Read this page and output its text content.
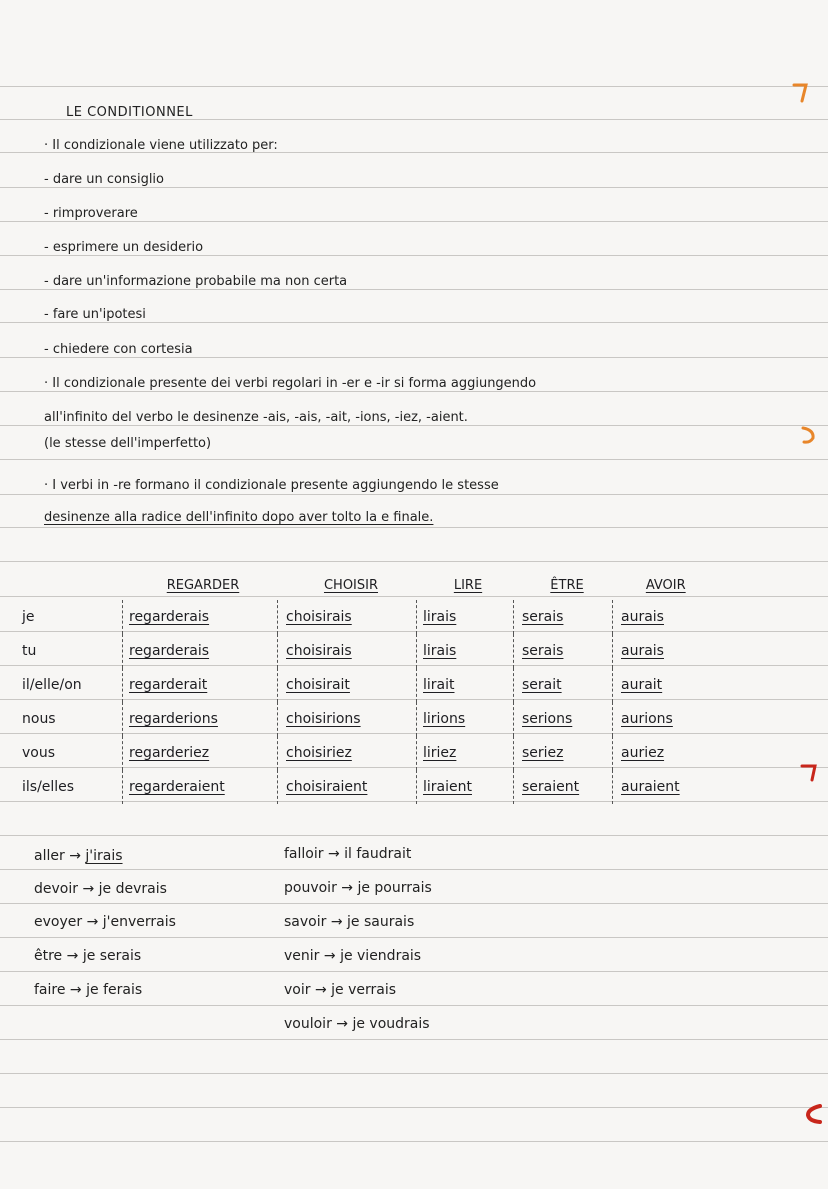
LE CONDITIONNEL
· Il condizionale viene utilizzato per:
- dare un consiglio
- rimproverare
- esprimere un desiderio
- dare un'informazione probabile ma non certa
- fare un'ipotesi
- chiedere con cortesia
· Il condizionale presente dei verbi regolari in -er e -ir si forma aggiungendo
all'infinito del verbo le desinenze -ais, -ais, -ait, -ions, -iez, -aient.
(le stesse dell'imperfetto)
· I verbi in -re formano il condizionale presente aggiungendo le stesse
desinenze alla radice dell'infinito dopo aver tolto la e finale.
	REGARDER	CHOISIR	LIRE	ÊTRE	AVOIR
je	regarderais	choisirais	lirais	serais	aurais
tu	regarderais	choisirais	lirais	serais	aurais
il/elle/on	regarderait	choisirait	lirait	serait	aurait
nous	regarderions	choisirions	lirions	serions	aurions
vous	regarderiez	choisiriez	liriez	seriez	auriez
ils/elles	regarderaient	choisiraient	liraient	seraient	auraient
aller → j'irais
devoir → je devrais
evoyer → j'enverrais
être → je serais
faire → je ferais
falloir → il faudrait
pouvoir → je pourrais
savoir → je saurais
venir → je viendrais
voir → je verrais
vouloir → je voudrais
